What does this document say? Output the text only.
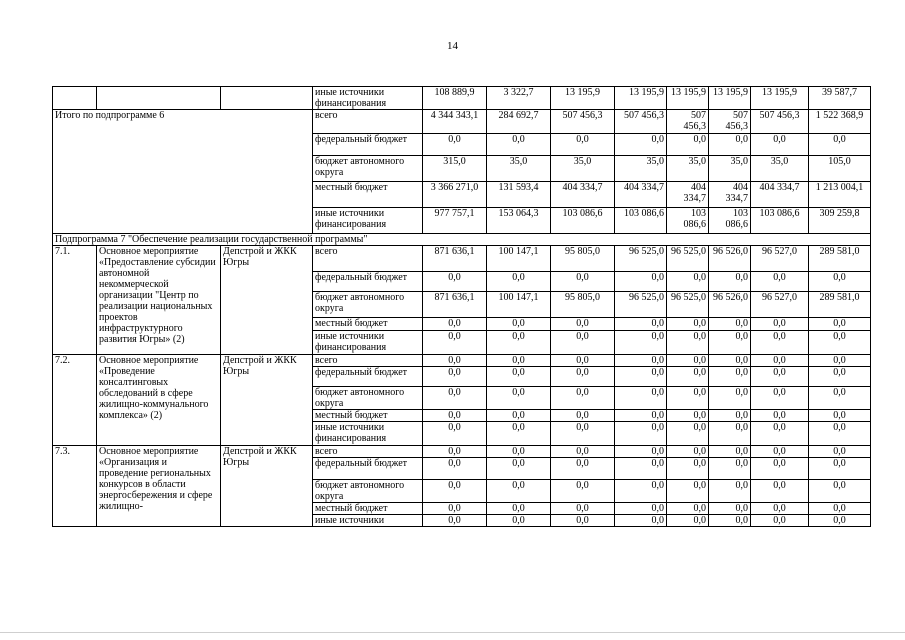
14
			иные источники финансирования	108 889,9	3 322,7	13 195,9	13 195,9	13 195,9	13 195,9	13 195,9	39 587,7
Итого по подпрограмме 6			всего	4 344 343,1	284 692,7	507 456,3	507 456,3	507 456,3	507 456,3	507 456,3	1 522 368,9
			федеральный бюджет	0,0	0,0	0,0	0,0	0,0	0,0	0,0	0,0
			бюджет автономного округа	315,0	35,0	35,0	35,0	35,0	35,0	35,0	105,0
			местный бюджет	3 366 271,0	131 593,4	404 334,7	404 334,7	404 334,7	404 334,7	404 334,7	1 213 004,1
			иные источники финансирования	977 757,1	153 064,3	103 086,6	103 086,6	103 086,6	103 086,6	103 086,6	309 259,8
Подпрограмма 7 "Обеспечение реализации государственной программы"											
7.1.	Основное мероприятие «Предоставление субсидии автономной некоммерческой организации "Центр по реализации национальных проектов инфраструктурного развития Югры» (2)	Депстрой и ЖКК Югры	всего	871 636,1	100 147,1	95 805,0	96 525,0	96 525,0	96 526,0	96 527,0	289 581,0
			федеральный бюджет	0,0	0,0	0,0	0,0	0,0	0,0	0,0	0,0
			бюджет автономного округа	871 636,1	100 147,1	95 805,0	96 525,0	96 525,0	96 526,0	96 527,0	289 581,0
			местный бюджет	0,0	0,0	0,0	0,0	0,0	0,0	0,0	0,0
			иные источники финансирования	0,0	0,0	0,0	0,0	0,0	0,0	0,0	0,0
7.2.	Основное мероприятие «Проведение консалтинговых обследований в сфере жилищно-коммунального комплекса» (2)	Депстрой и ЖКК Югры	всего	0,0	0,0	0,0	0,0	0,0	0,0	0,0	0,0
			федеральный бюджет	0,0	0,0	0,0	0,0	0,0	0,0	0,0	0,0
			бюджет автономного округа	0,0	0,0	0,0	0,0	0,0	0,0	0,0	0,0
			местный бюджет	0,0	0,0	0,0	0,0	0,0	0,0	0,0	0,0
			иные источники финансирования	0,0	0,0	0,0	0,0	0,0	0,0	0,0	0,0
7.3.	Основное мероприятие «Организация и проведение региональных конкурсов в области энергосбережения и сфере жилищно-	Депстрой и ЖКК Югры	всего	0,0	0,0	0,0	0,0	0,0	0,0	0,0	0,0
			федеральный бюджет	0,0	0,0	0,0	0,0	0,0	0,0	0,0	0,0
			бюджет автономного округа	0,0	0,0	0,0	0,0	0,0	0,0	0,0	0,0
			местный бюджет	0,0	0,0	0,0	0,0	0,0	0,0	0,0	0,0
			иные источники	0,0	0,0	0,0	0,0	0,0	0,0	0,0	0,0
